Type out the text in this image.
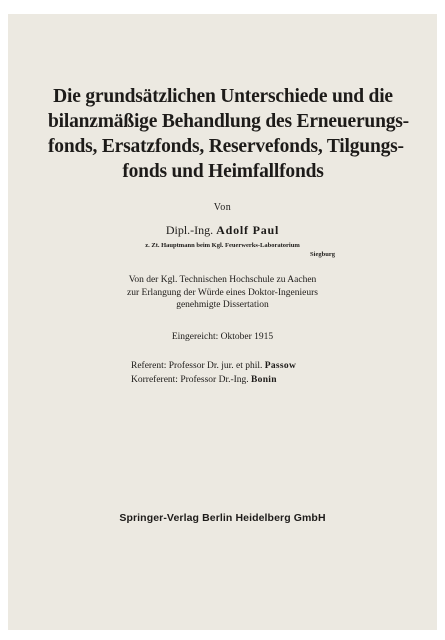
Die grundsätzlichen Unterschiede und die
bilanzmäßige Behandlung des Erneuerungs-
fonds, Ersatzfonds, Reservefonds, Tilgungs-
fonds und Heimfallfonds
Von
Dipl.-Ing. Adolf Paul
z. Zt. Hauptmann beim Kgl. Feuerwerks-Laboratorium
Siegburg
Von der Kgl. Technischen Hochschule zu Aachen
zur Erlangung der Würde eines Doktor-Ingenieurs
genehmigte Dissertation
Eingereicht: Oktober 1915
Referent: Professor Dr. jur. et phil. Passow
Korreferent: Professor Dr.-Ing. Bonin
Springer-Verlag Berlin Heidelberg GmbH
